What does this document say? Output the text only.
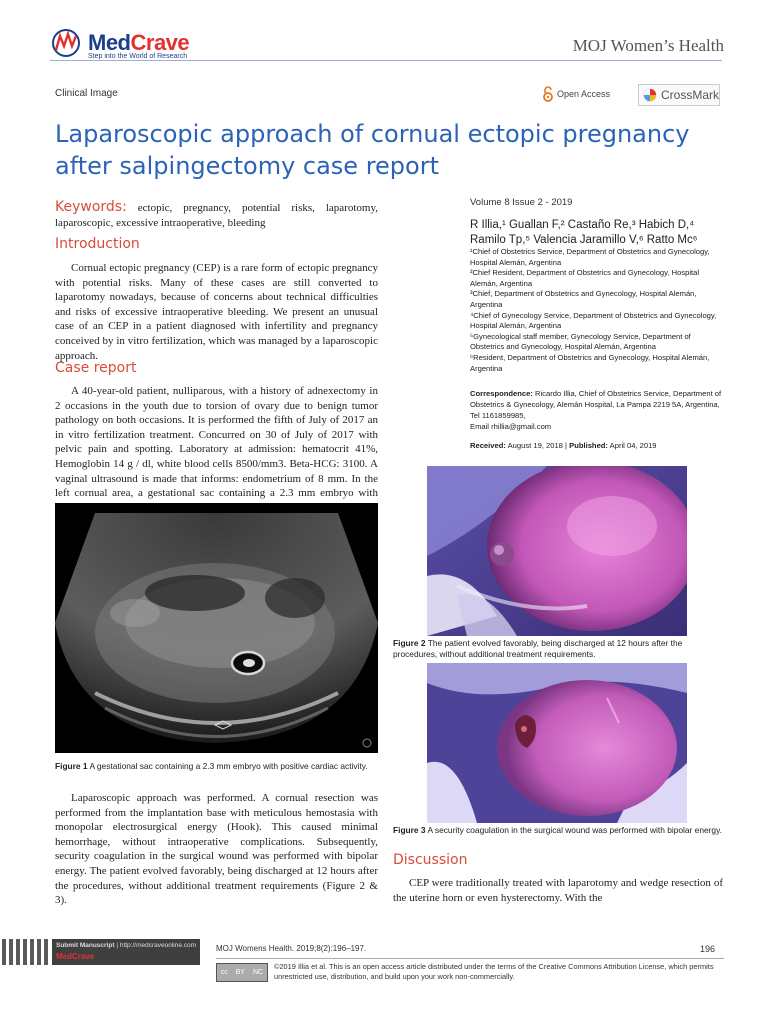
MedCrave
Step into the World of Research
MOJ Women’s Health
Clinical Image	Open Access	CrossMark
Laparoscopic approach of cornual ectopic pregnancy after salpingectomy case report
Keywords: ectopic, pregnancy, potential risks, laparotomy, laparoscopic, excessive intraoperative, bleeding
Introduction
Cornual ectopic pregnancy (CEP) is a rare form of ectopic pregnancy with potential risks. Many of these cases are still converted to laparotomy nowadays, because of concerns about technical difficulties and risks of excessive intraoperative bleeding. We present an unusual case of an CEP in a patient diagnosed with infertility and pregnancy conceived by in vitro fertilization, which was managed by a laparoscopic approach.
Case report
A 40-year-old patient, nulliparous, with a history of adnexectomy in 2 occasions in the youth due to torsion of ovary due to benign tumor pathology on both occasions. It is performed the fifth of July of 2017 an in vitro fertilization treatment. Concurred on 30 of July of 2017 with pelvic pain and spotting. Laboratory at admission: hematocrit 41%, Hemoglobin 14 g / dl, white blood cells 8500/mm3. Beta-HCG: 3100. A vaginal ultrasound is made that informs: endometrium of 8 mm. In the left cornual area, a gestational sac containing a 2.3 mm embryo with
Figure 1 A gestational sac containing a 2.3 mm embryo with positive cardiac activity.
Laparoscopic approach was performed. A cornual resection was performed from the implantation base with meticulous hemostasia with monopolar electrosurgical energy (Hook). This caused minimal hemorrhage, without intraoperative complications. Subsequently, security coagulation in the surgical wound was performed with bipolar energy. The patient evolved favorably, being discharged at 12 hours after the procedures, without additional treatment requirements (Figure 2 & 3).
Volume 8 Issue 2 - 2019
R Illia,¹ Guallan F,² Castaño Re,³ Habich D,⁴
Ramilo Tp,⁵ Valencia Jaramillo V,⁶ Ratto Mc⁶
¹Chief of Obstetrics Service, Department of Obstetrics and Gynecology, Hospital Alemán, Argentina
²Chief Resident, Department of Obstetrics and Gynecology, Hospital Alemán, Argentina
³Chief, Department of Obstetrics and Gynecology, Hospital Alemán, Argentina
⁴Chief of Gynecology Service, Department of Obstetrics and Gynecology, Hospital Alemán, Argentina
⁵Gynecological staff member, Gynecology Service, Department of Obstetrics and Gynecology, Hospital Alemán, Argentina
⁶Resident, Department of Obstetrics and Gynecology, Hospital Alemán, Argentina
Correspondence: Ricardo Illia, Chief of Obstetrics Service, Department of Obstetrics & Gynecology, Alemán Hospital, La Pampa 2219 5A, Argentina, Tel 1161859985,
Email rhillia@gmail.com
Received: August 19, 2018 | Published: April 04, 2019
Figure 2 The patient evolved favorably, being discharged at 12 hours after the procedures, without additional treatment requirements.
Figure 3 A security coagulation in the surgical wound was performed with bipolar energy.
Discussion
CEP were traditionally treated with laparotomy and wedge resection of the uterine horn or even hysterectomy. With the
Submit Manuscript | http://medcraveonline.com
MedCrave
MOJ Womens Health. 2019;8(2):196‒197.	196
cc BY NC
©2019 Illia et al. This is an open access article distributed under the terms of the Creative Commons Attribution License, which permits unrestricted use, distribution, and build upon your work non-commercially.
